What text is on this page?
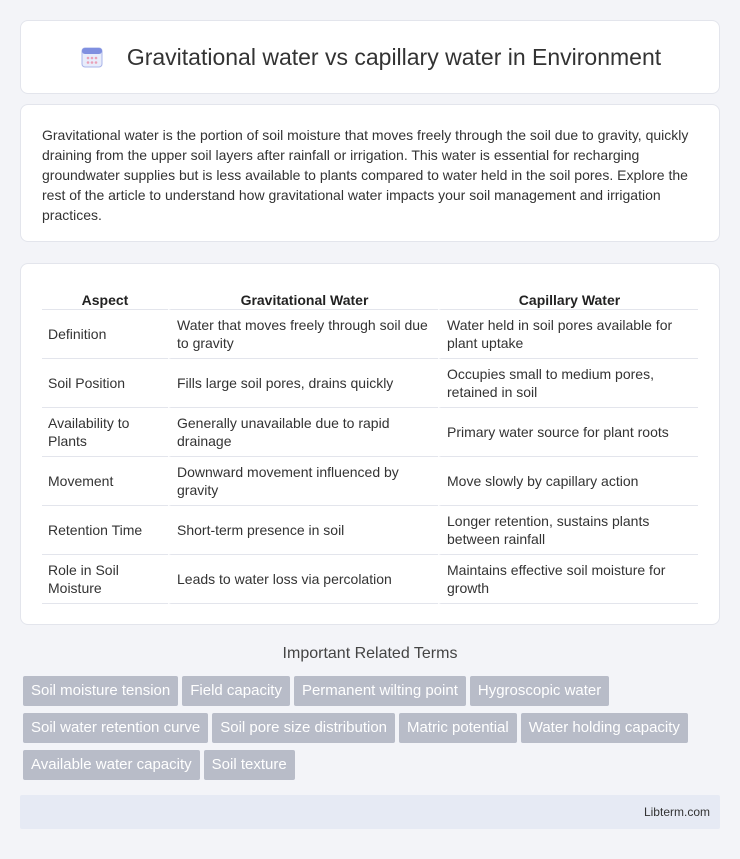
Gravitational water vs capillary water in Environment

Gravitational water is the portion of soil moisture that moves freely through the soil due to gravity, quickly draining from the upper soil layers after rainfall or irrigation. This water is essential for recharging groundwater supplies but is less available to plants compared to water held in the soil pores. Explore the rest of the article to understand how gravitational water impacts your soil management and irrigation practices.

Aspect	Gravitational Water	Capillary Water
Definition	Water that moves freely through soil due to gravity	Water held in soil pores available for plant uptake
Soil Position	Fills large soil pores, drains quickly	Occupies small to medium pores, retained in soil
Availability to Plants	Generally unavailable due to rapid drainage	Primary water source for plant roots
Movement	Downward movement influenced by gravity	Move slowly by capillary action
Retention Time	Short-term presence in soil	Longer retention, sustains plants between rainfall
Role in Soil Moisture	Leads to water loss via percolation	Maintains effective soil moisture for growth
Important Related Terms
Soil moisture tension Field capacity Permanent wilting point Hygroscopic waterSoil water retention curve Soil pore size distribution Matric potential Water holding capacityAvailable water capacity Soil texture
Libterm.com
